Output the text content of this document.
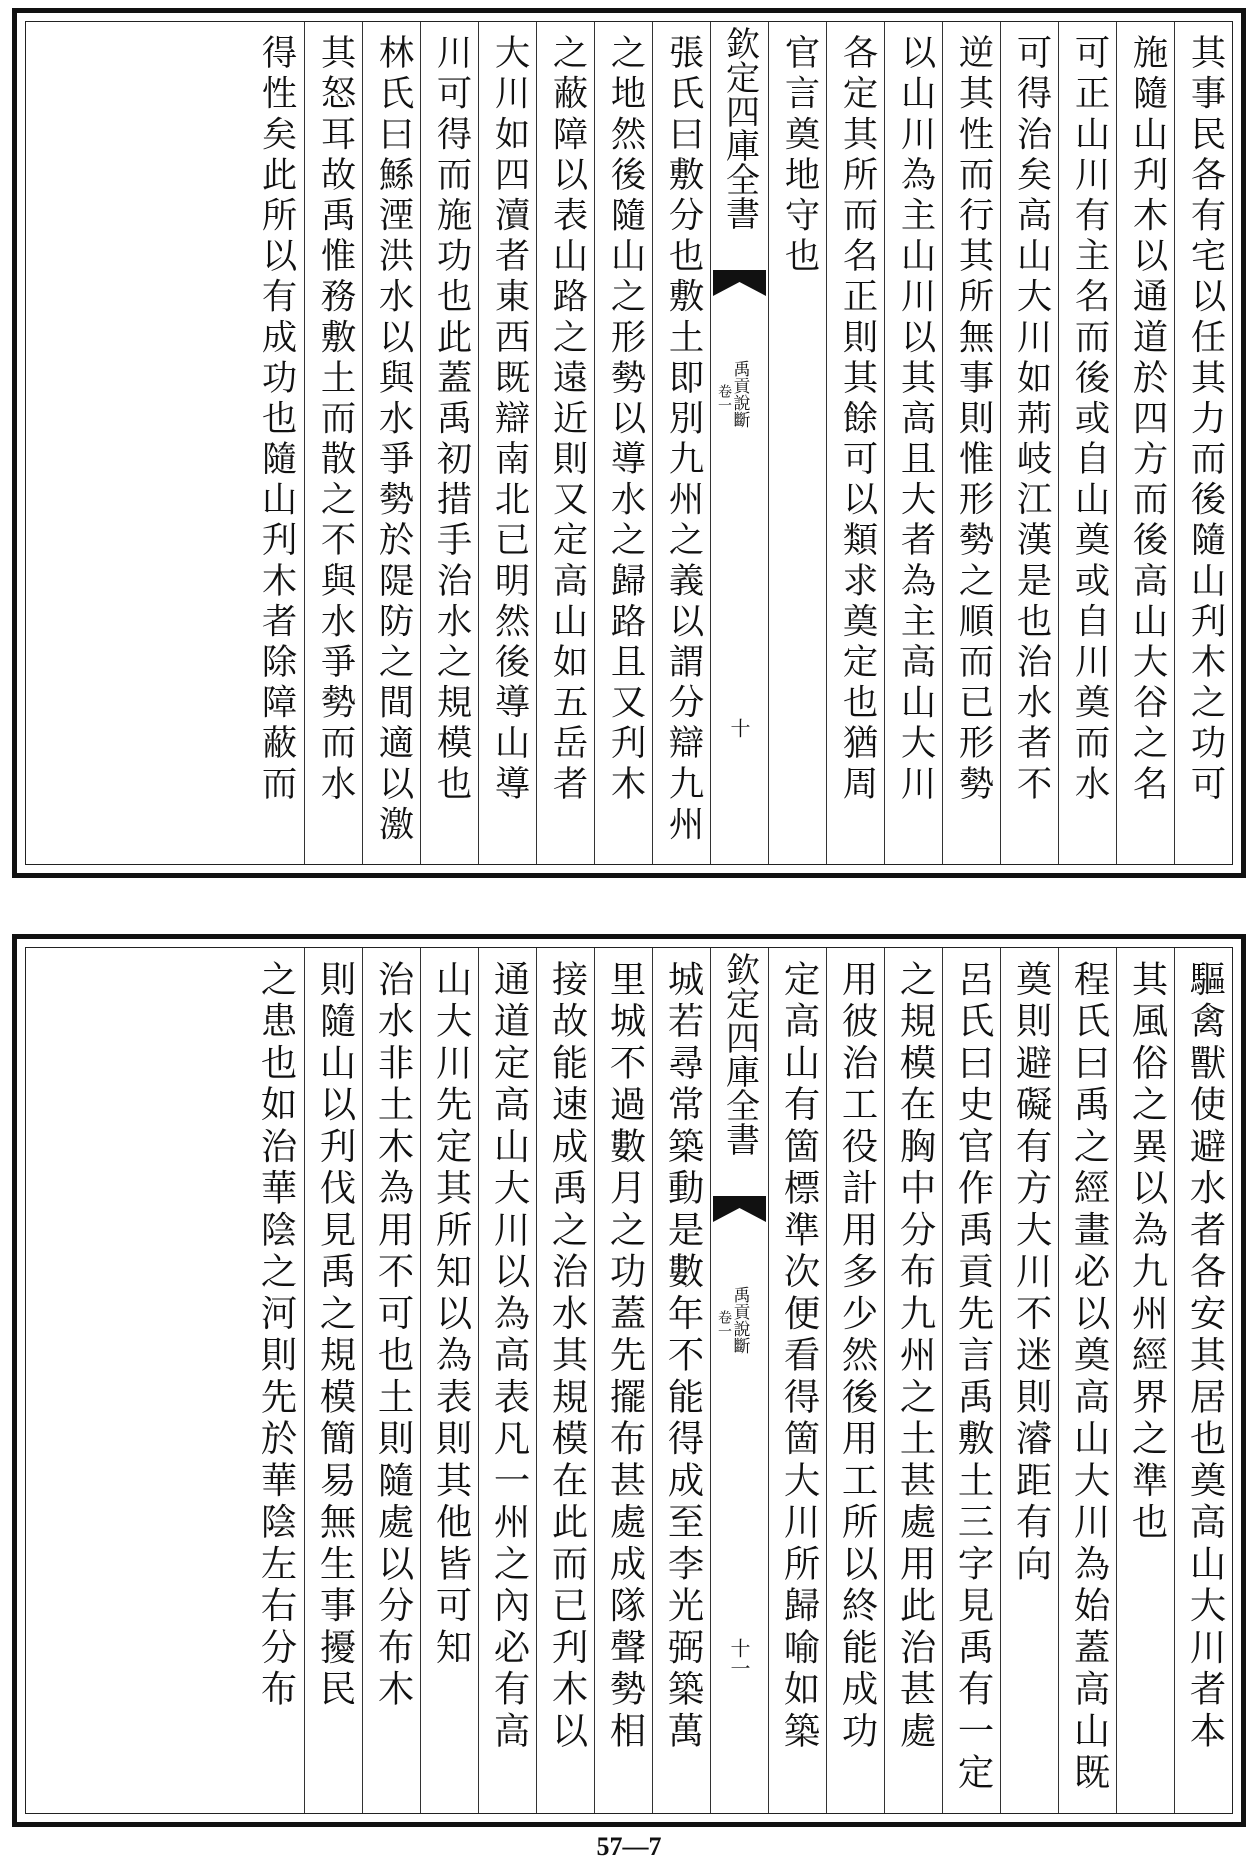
其事民各有宅以任其力而後隨山刋木之功可
施隨山刋木以通道於四方而後高山大谷之名
可正山川有主名而後或自山奠或自川奠而水
可得治矣高山大川如荊岐江漢是也治水者不
逆其性而行其所無事則惟形勢之順而已形勢
以山川為主山川以其高且大者為主高山大川
各定其所而名正則其餘可以類求奠定也猶周
官言奠地守也
欽定四庫全書
禹貢說斷
卷一
十
張氏曰敷分也敷土即別九州之義以謂分辯九州
之地然後隨山之形勢以導水之歸路且又刋木
之蔽障以表山路之遠近則又定高山如五岳者
大川如四瀆者東西既辯南北已明然後導山導
川可得而施功也此蓋禹初措手治水之規模也
林氏曰鯀湮洪水以與水爭勢於隄防之間適以激
其怒耳故禹惟務敷土而散之不與水爭勢而水
得性矣此所以有成功也隨山刋木者除障蔽而
驅禽獸使避水者各安其居也奠高山大川者本
其風俗之異以為九州經界之準也
程氏曰禹之經畫必以奠高山大川為始蓋高山既
奠則避礙有方大川不迷則濬距有向
呂氏曰史官作禹貢先言禹敷土三字見禹有一定
之規模在胸中分布九州之土甚處用此治甚處
用彼治工役計用多少然後用工所以終能成功
定高山有箇標準次便看得箇大川所歸喻如築
欽定四庫全書
禹貢說斷
卷一
十一
城若尋常築動是數年不能得成至李光弼築萬
里城不過數月之功蓋先擺布甚處成隊聲勢相
接故能速成禹之治水其規模在此而已刋木以
通道定高山大川以為高表凡一州之內必有高
山大川先定其所知以為表則其他皆可知
治水非土木為用不可也土則隨處以分布木
則隨山以刋伐見禹之規模簡易無生事擾民
之患也如治華陰之河則先於華陰左右分布
57—7
